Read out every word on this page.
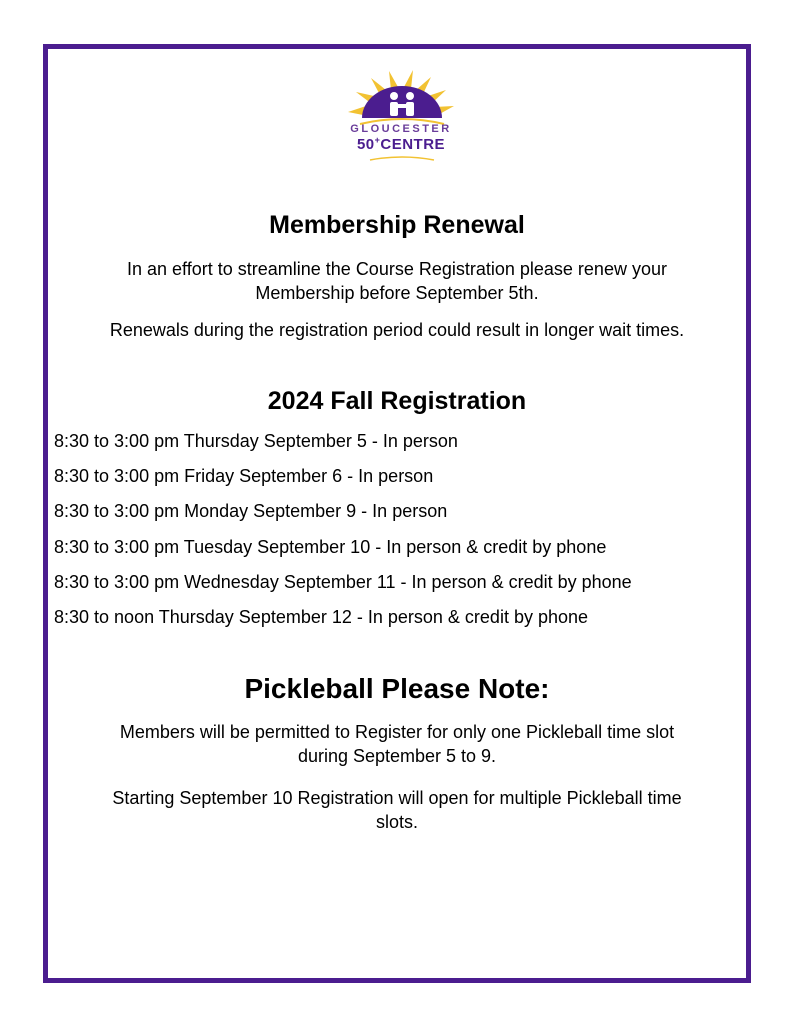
GLOUCESTER
50+CENTRE
Membership Renewal
In an effort to streamline the Course Registration please renew your Membership before September 5th.
Renewals during the registration period could result in longer wait times.
2024 Fall Registration
8:30 to 3:00 pm Thursday September 5 - In person
8:30 to 3:00 pm Friday September 6 - In person
8:30 to 3:00 pm Monday September 9 - In person
8:30 to 3:00 pm Tuesday September 10 - In person & credit by phone
8:30 to 3:00 pm Wednesday September 11 - In person & credit by phone
8:30 to noon Thursday September 12 - In person & credit by phone
Pickleball Please Note:
Members will be permitted to Register for only one Pickleball time slot during September 5 to 9.
Starting September 10 Registration will open for multiple Pickleball time slots.
